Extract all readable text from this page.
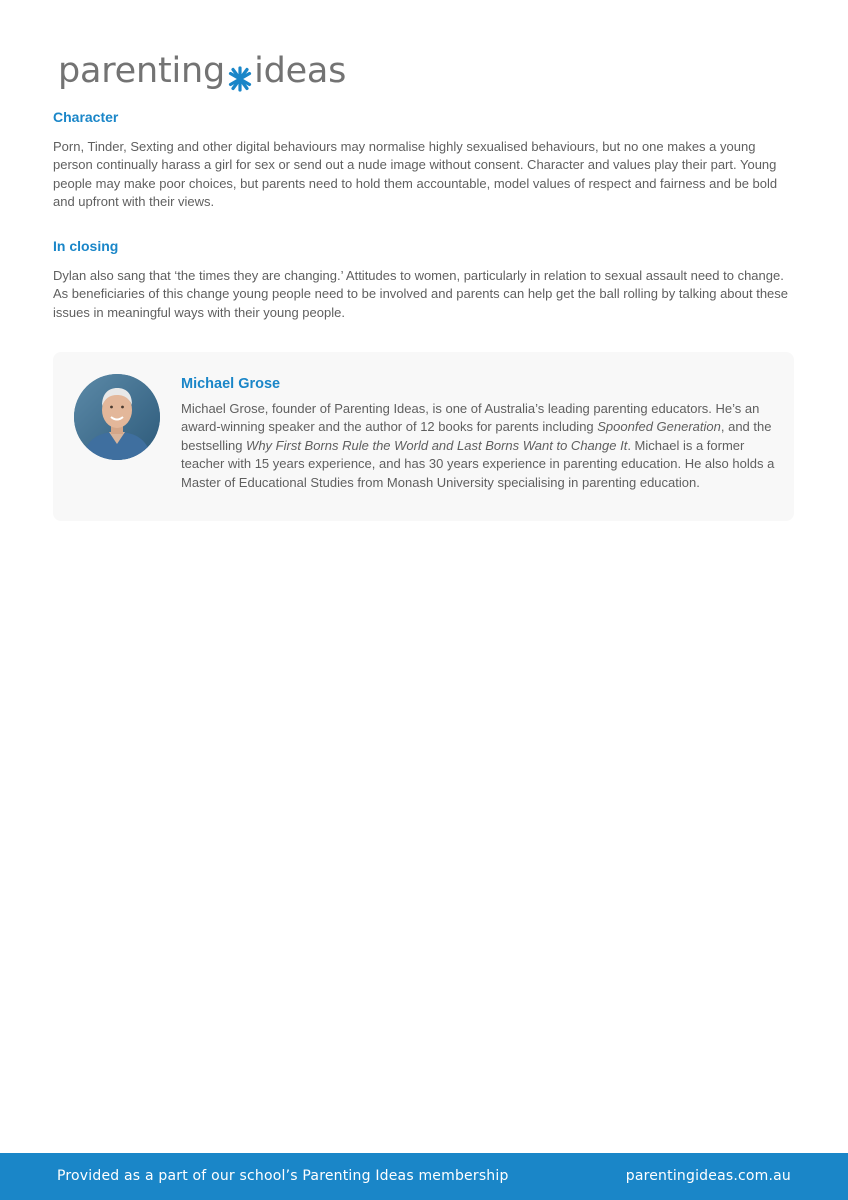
parenting ideas
Character

Porn, Tinder, Sexting and other digital behaviours may normalise highly sexualised behaviours, but no one makes a young person continually harass a girl for sex or send out a nude image without consent. Character and values play their part. Young people may make poor choices, but parents need to hold them accountable, model values of respect and fairness and be bold and upfront with their views.

In closing

Dylan also sang that ‘the times they are changing.’ Attitudes to women, particularly in relation to sexual assault need to change. As beneficiaries of this change young people need to be involved and parents can help get the ball rolling by talking about these issues in meaningful ways with their young people.

Michael Grose

Michael Grose, founder of Parenting Ideas, is one of Australia’s leading parenting educators. He’s an award-winning speaker and the author of 12 books for parents including Spoonfed Generation, and the bestselling Why First Borns Rule the World and Last Borns Want to Change It. Michael is a former teacher with 15 years experience, and has 30 years experience in parenting education. He also holds a Master of Educational Studies from Monash University specialising in parenting education.

Provided as a part of our school’s Parenting Ideas membership	parentingideas.com.au
